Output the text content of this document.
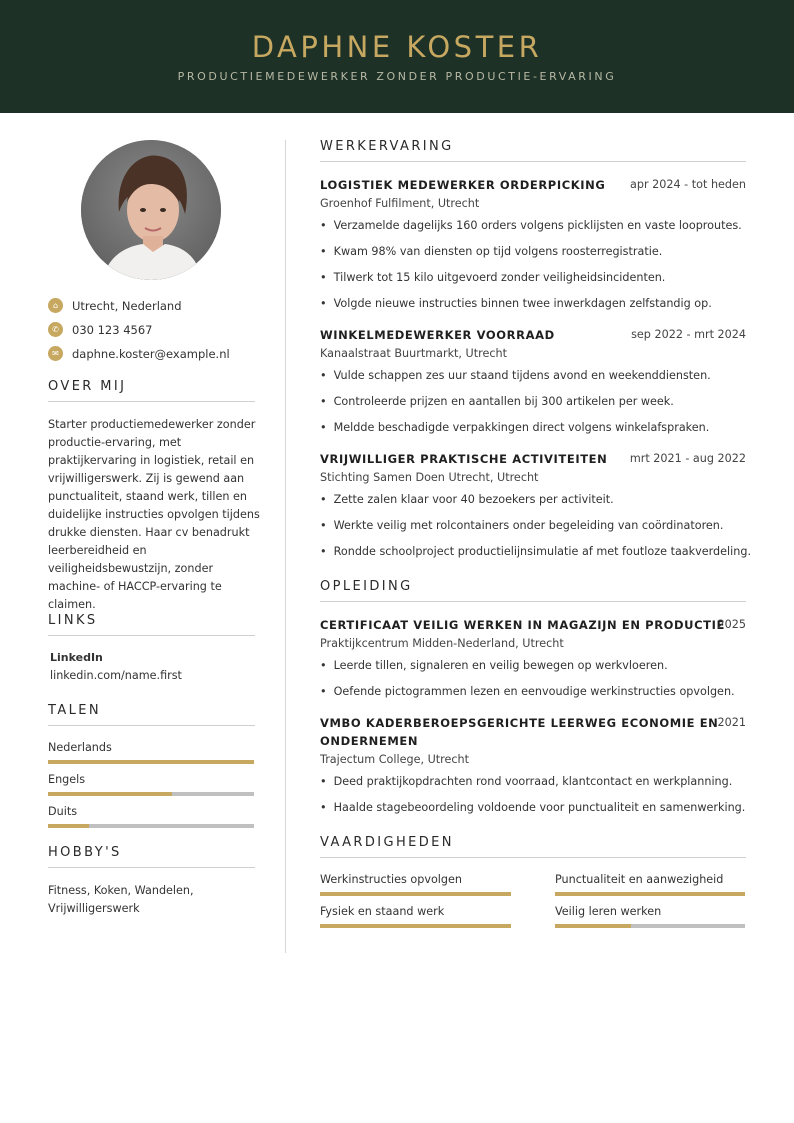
DAPHNE KOSTER
PRODUCTIEMEDEWERKER ZONDER PRODUCTIE-ERVARING
⌂	Utrecht, Nederland
✆	030 123 4567
✉	daphne.koster@example.nl
OVER MIJ
Starter productiemedewerker zonder productie-ervaring, met praktijkervaring in logistiek, retail en vrijwilligerswerk. Zij is gewend aan punctualiteit, staand werk, tillen en duidelijke instructies opvolgen tijdens drukke diensten. Haar cv benadrukt leerbereidheid en veiligheidsbewustzijn, zonder machine- of HACCP-ervaring te claimen.
LINKS
LinkedIn
linkedin.com/name.first
TALEN
Nederlands
Engels
Duits
HOBBY'S
Fitness, Koken, Wandelen, Vrijwilligerswerk
WERKERVARING
LOGISTIEK MEDEWERKER ORDERPICKING apr 2024 - tot heden
Groenhof Fulfilment, Utrecht
• Verzamelde dagelijks 160 orders volgens picklijsten en vaste looproutes.
• Kwam 98% van diensten op tijd volgens roosterregistratie.
• Tilwerk tot 15 kilo uitgevoerd zonder veiligheidsincidenten.
• Volgde nieuwe instructies binnen twee inwerkdagen zelfstandig op.
WINKELMEDEWERKER VOORRAAD	sep 2022 - mrt 2024
Kanaalstraat Buurtmarkt, Utrecht
• Vulde schappen zes uur staand tijdens avond en weekenddiensten.
• Controleerde prijzen en aantallen bij 300 artikelen per week.
• Meldde beschadigde verpakkingen direct volgens winkelafspraken.
VRIJWILLIGER PRAKTISCHE ACTIVITEITEN mrt 2021 - aug 2022
Stichting Samen Doen Utrecht, Utrecht
• Zette zalen klaar voor 40 bezoekers per activiteit.
• Werkte veilig met rolcontainers onder begeleiding van coördinatoren.
• Rondde schoolproject productielijnsimulatie af met foutloze taakverdeling.
OPLEIDING
CERTIFICAAT VEILIG WERKEN IN MAGAZIJN EN PRODUCTIE
2025
Praktijkcentrum Midden-Nederland, Utrecht
• Leerde tillen, signaleren en veilig bewegen op werkvloeren.
• Oefende pictogrammen lezen en eenvoudige werkinstructies opvolgen.
VMBO KADERBEROEPSGERICHTE LEERWEG ECONOMIE EN
ONDERNEMEN
2021
Trajectum College, Utrecht
• Deed praktijkopdrachten rond voorraad, klantcontact en werkplanning.
• Haalde stagebeoordeling voldoende voor punctualiteit en samenwerking.
VAARDIGHEDEN
Werkinstructies opvolgen	Punctualiteit en aanwezigheid
Fysiek en staand werk	Veilig leren werken
